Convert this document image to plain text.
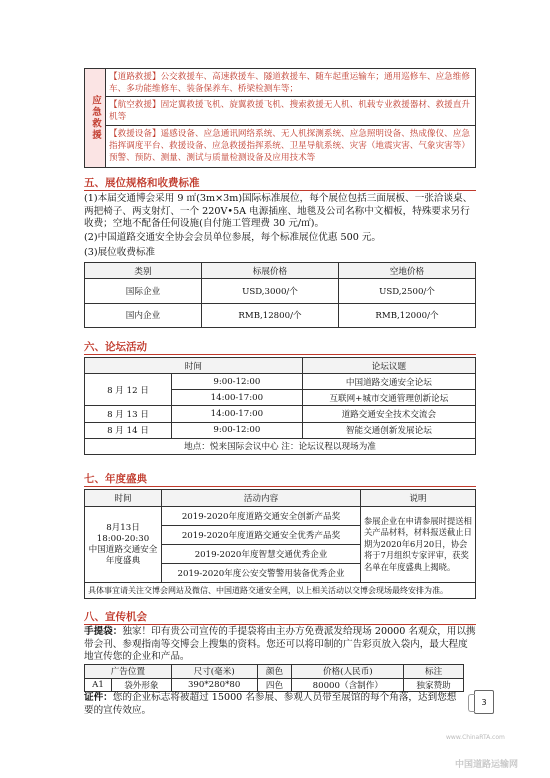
应急救援	【道路救援】公交救援车、高速救援车、隧道救援车、随车起重运输车；通用巡修车、应急维修车、多功能维修车、装备保养车、桥梁检测车等；
【航空救援】固定翼救援飞机、旋翼救援飞机、搜索救援无人机、机载专业救援器材、救援直升机等
【救援设备】遥感设备、应急通讯网络系统、无人机探测系统、应急照明设备、热成像仪、应急指挥调度平台、救援设备、应急救援指挥系统、卫星导航系统、灾害（地震灾害、气象灾害等）预警、预防、测量、测试与质量检测设备及应用技术等
五、展位规格和收费标准
(1)本届交通博会采用 9 ㎡(3m×3m)国际标准展位，每个展位包括三面展板、一张洽谈桌、两把椅子、两支射灯、一个 220V•5A 电源插座、地毯及公司名称中文楣板，特殊要求另行收费；空地不配备任何设施(自付施工管理费 30 元/㎡)。
(2)中国道路交通安全协会会员单位参展，每个标准展位优惠 500 元。
(3)展位收费标准
类别	标展价格	空地价格
国际企业	USD,3000/个	USD,2500/个
国内企业	RMB,12800/个	RMB,12000/个
六、论坛活动
时间		论坛议题
8 月 12 日	9:00-12:00	中国道路交通安全论坛
	14:00-17:00	互联网+城市交通管理创新论坛
8 月 13 日	14:00-17:00	道路交通安全技术交流会
8 月 14 日	9:00-12:00	智能交通创新发展论坛
地点：悦来国际会议中心 注：论坛议程以现场为准		
七、年度盛典
时间	活动内容	说明
8月13日
18:00-20:30
中国道路交通安全年度盛典	2019-2020年度道路交通安全创新产品奖	参展企业在申请参展时提送相关产品材料，材料报送截止日期为2020年6月20日，协会将于7月组织专家评审，获奖名单在年度盛典上揭晓。
	2019-2020年度道路交通安全优秀产品奖	
	2019-2020年度智慧交通优秀企业	
	2019-2020年度公安交警警用装备优秀企业	
具体事宜请关注交博会网站及微信、中国道路交通安全网，以上相关活动以交博会现场最终安排为准。		
八、宣传机会
手提袋：独家！印有贵公司宣传的手提袋将由主办方免费派发给现场 20000 名观众，用以携带会刊、参观指南等交博会上搜集的资料。您还可以将印制的广告彩页放入袋内，最大程度地宣传您的企业和产品。
广告位置		尺寸(毫米)	颜色	价格(人民币)	标注
A1	袋外形象	390*280*80	四色	80000（含制作）	独家赞助
证件：您的企业标志将被超过 15000 名参展、参观人员带至展馆的每个角落，达到您想要的宣传效应。
3
www.ChinaRTA.com
中国道路运输网
